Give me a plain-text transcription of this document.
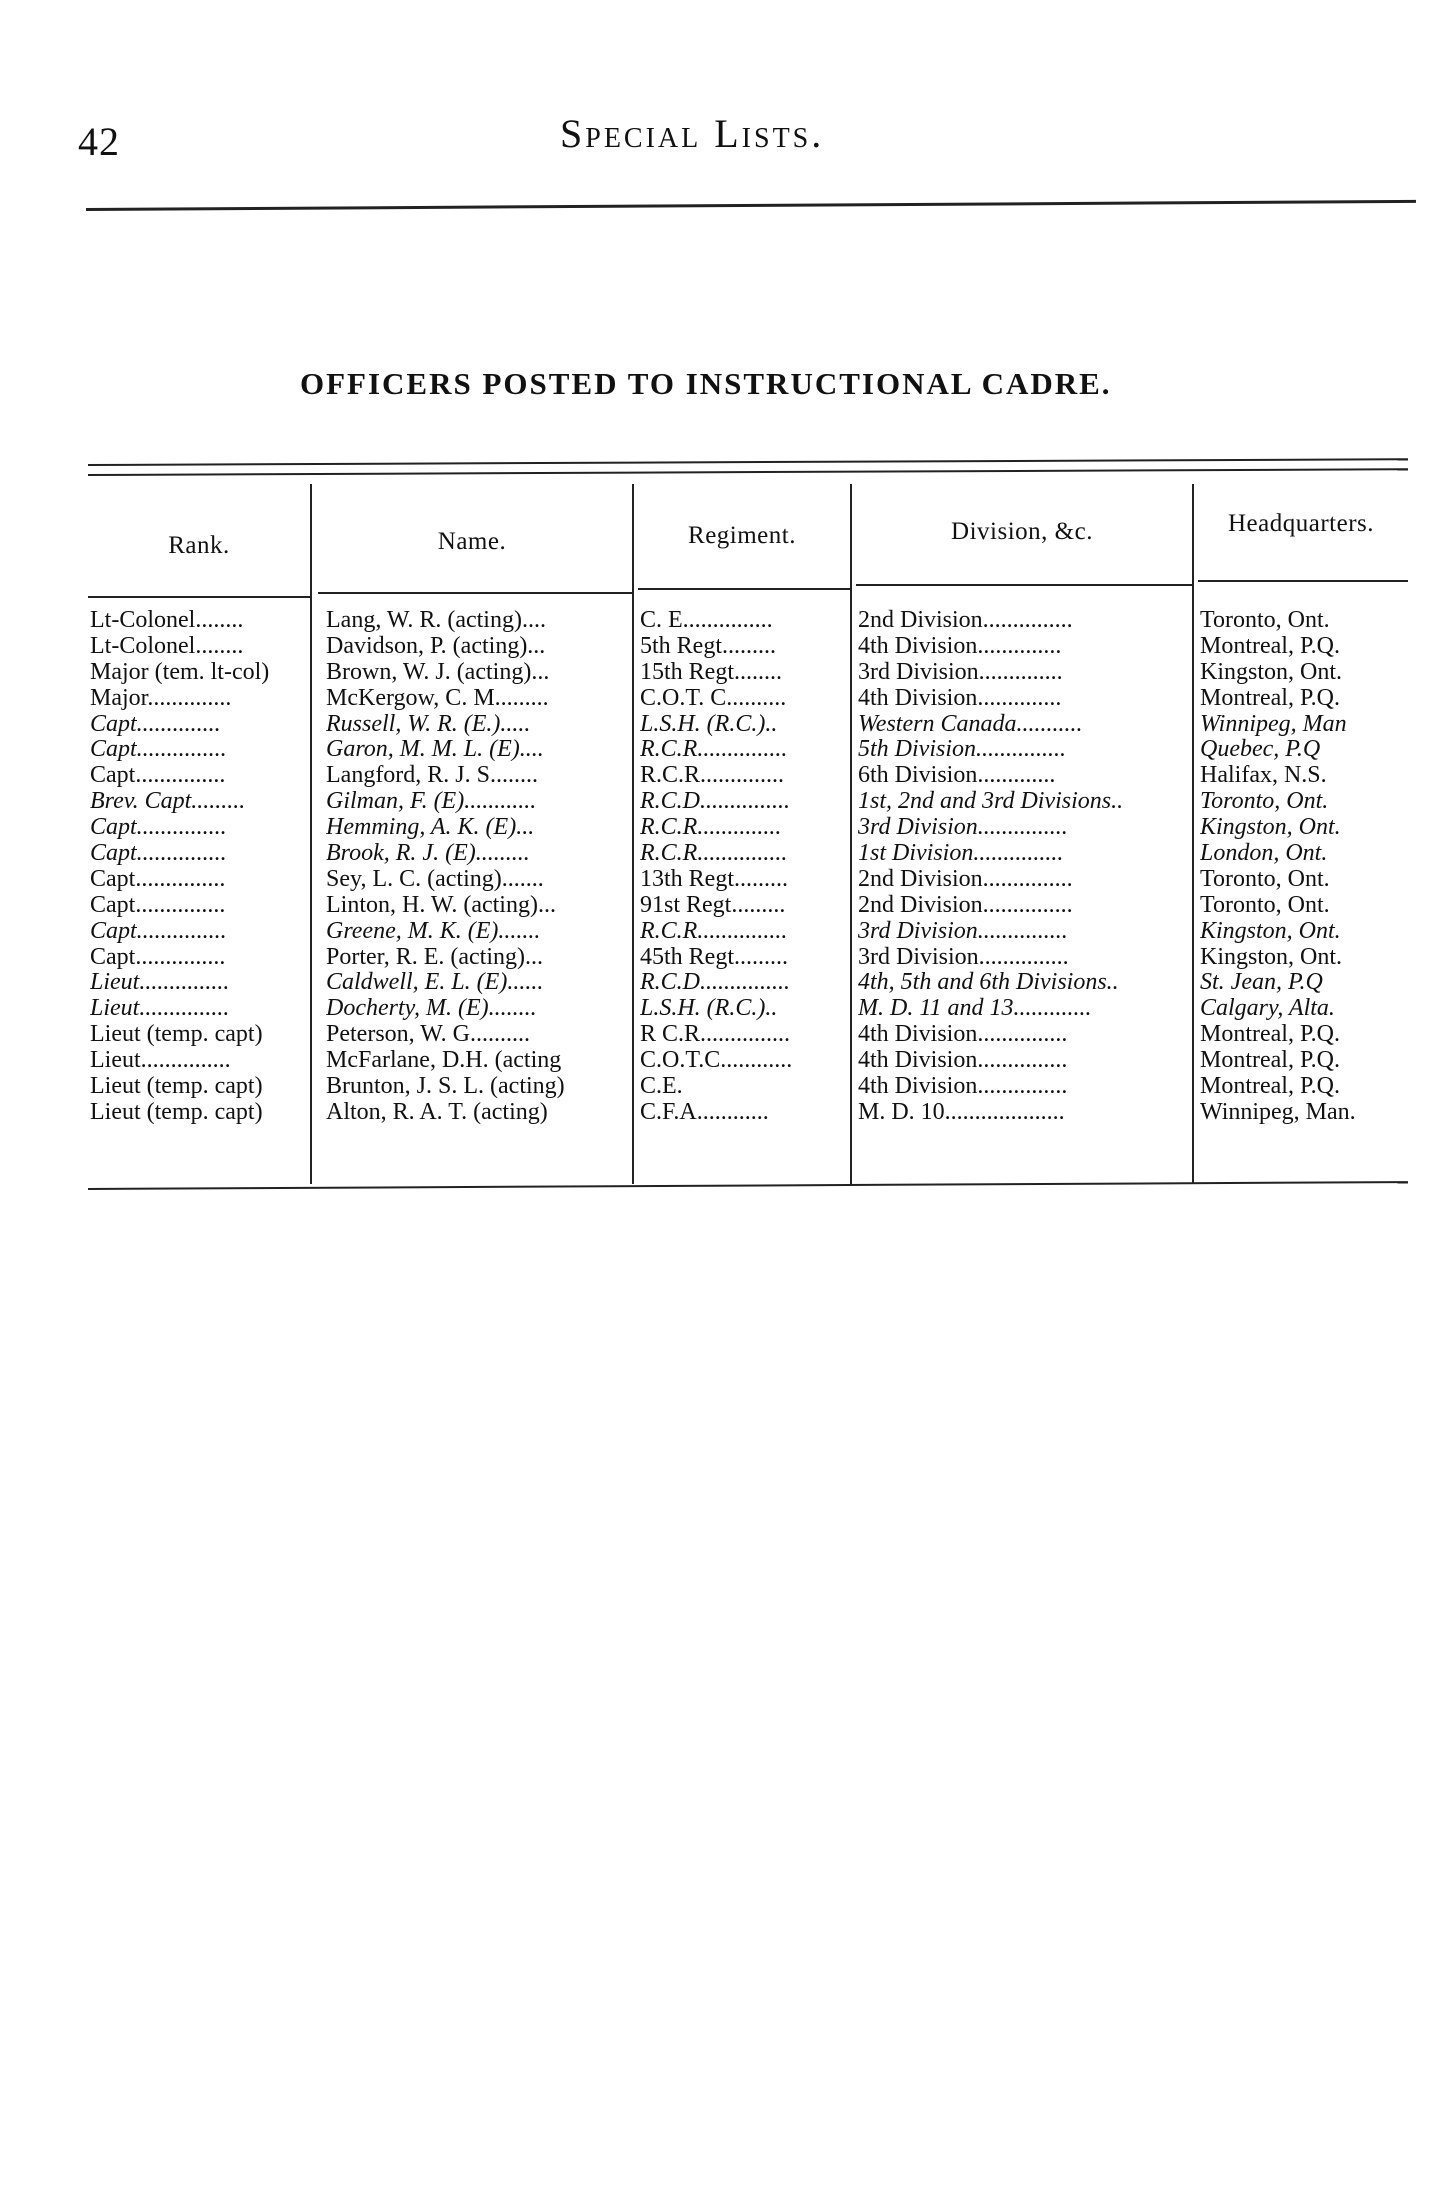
42	Special Lists.
OFFICERS POSTED TO INSTRUCTIONAL CADRE.
Rank.	Name.	Regiment.	Division, &c.	Headquarters.
Lt-Colonel........	Lang, W. R. (acting)....	C. E...............	2nd Division...............	Toronto, Ont.
Lt-Colonel........	Davidson, P. (acting)...	5th Regt.........	4th Division..............	Montreal, P.Q.
Major (tem. lt-col)	Brown, W. J. (acting)...	15th Regt........	3rd Division..............	Kingston, Ont.
Major..............	McKergow, C. M.........	C.O.T. C..........	4th Division..............	Montreal, P.Q.
Capt..............	Russell, W. R. (E.).....	L.S.H. (R.C.)..	Western Canada...........	Winnipeg, Man
Capt...............	Garon, M. M. L. (E)....	R.C.R...............	5th Division...............	Quebec, P.Q
Capt...............	Langford, R. J. S........	R.C.R..............	6th Division.............	Halifax, N.S.
Brev. Capt.........	Gilman, F. (E)............	R.C.D...............	1st, 2nd and 3rd Divisions..	Toronto, Ont.
Capt...............	Hemming, A. K. (E)...	R.C.R..............	3rd Division...............	Kingston, Ont.
Capt...............	Brook, R. J. (E).........	R.C.R...............	1st Division...............	London, Ont.
Capt...............	Sey, L. C. (acting).......	13th Regt.........	2nd Division...............	Toronto, Ont.
Capt...............	Linton, H. W. (acting)...	91st Regt.........	2nd Division...............	Toronto, Ont.
Capt...............	Greene, M. K. (E).......	R.C.R...............	3rd Division...............	Kingston, Ont.
Capt...............	Porter, R. E. (acting)...	45th Regt.........	3rd Division...............	Kingston, Ont.
Lieut...............	Caldwell, E. L. (E)......	R.C.D...............	4th, 5th and 6th Divisions..	St. Jean, P.Q
Lieut...............	Docherty, M. (E)........	L.S.H. (R.C.)..	M. D. 11 and 13.............	Calgary, Alta.
Lieut (temp. capt)	Peterson, W. G..........	R C.R...............	4th Division...............	Montreal, P.Q.
Lieut...............	McFarlane, D.H. (acting	C.O.T.C............	4th Division...............	Montreal, P.Q.
Lieut (temp. capt)	Brunton, J. S. L. (acting)	C.E.	4th Division...............	Montreal, P.Q.
Lieut (temp. capt)	Alton, R. A. T. (acting)	C.F.A............	M. D. 10....................	Winnipeg, Man.
